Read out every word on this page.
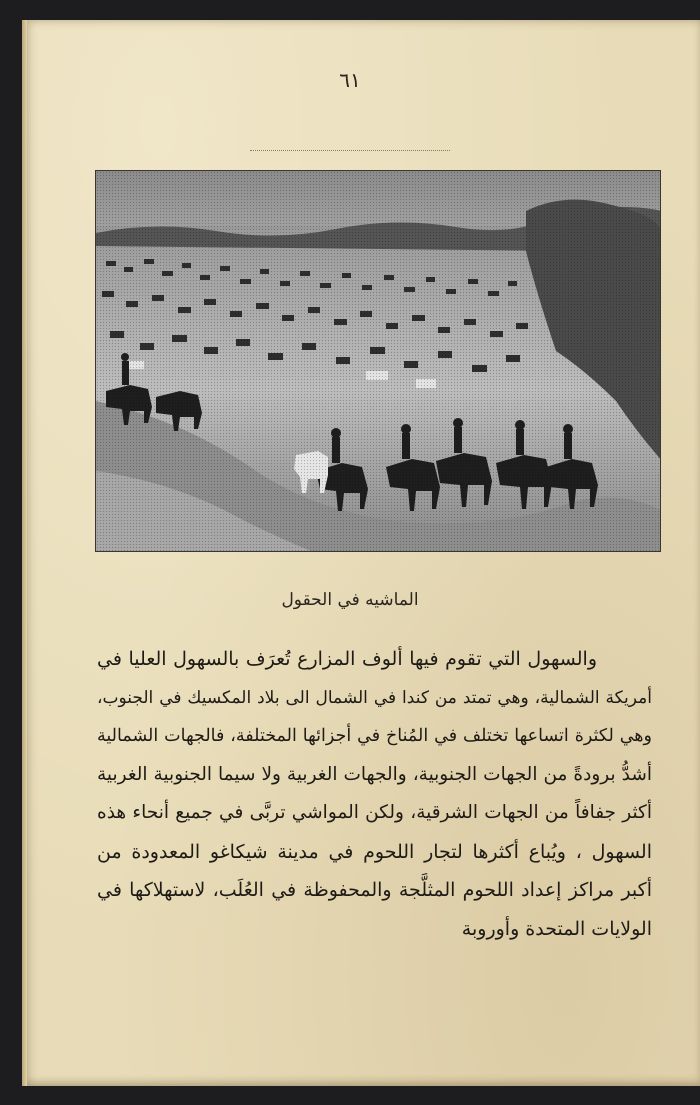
٦١
الماشيه في الحقول
والسهول التي تقوم فيها ألوف المزارع تُعرَف بالسهول العليا في
أمريكة الشمالية، وهي تمتد من كندا في الشمال الى بلاد المكسيك في الجنوب،
وهي لكثرة اتساعها تختلف في المُناخ في أجزائها المختلفة، فالجهات الشمالية
أشدُّ برودةً من الجهات الجنوبية، والجهات الغربية ولا سيما الجنوبية الغربية
أكثر جفافاً من الجهات الشرقية، ولكن المواشي تربَّى في جميع أنحاء هذه
السهول ، ويُباع أكثرها لتجار اللحوم في مدينة شيكاغو المعدودة من
أكبر مراكز إعداد اللحوم المثلَّجة والمحفوظة في العُلَب، لاستهلاكها في
الولايات المتحدة وأوروبة
